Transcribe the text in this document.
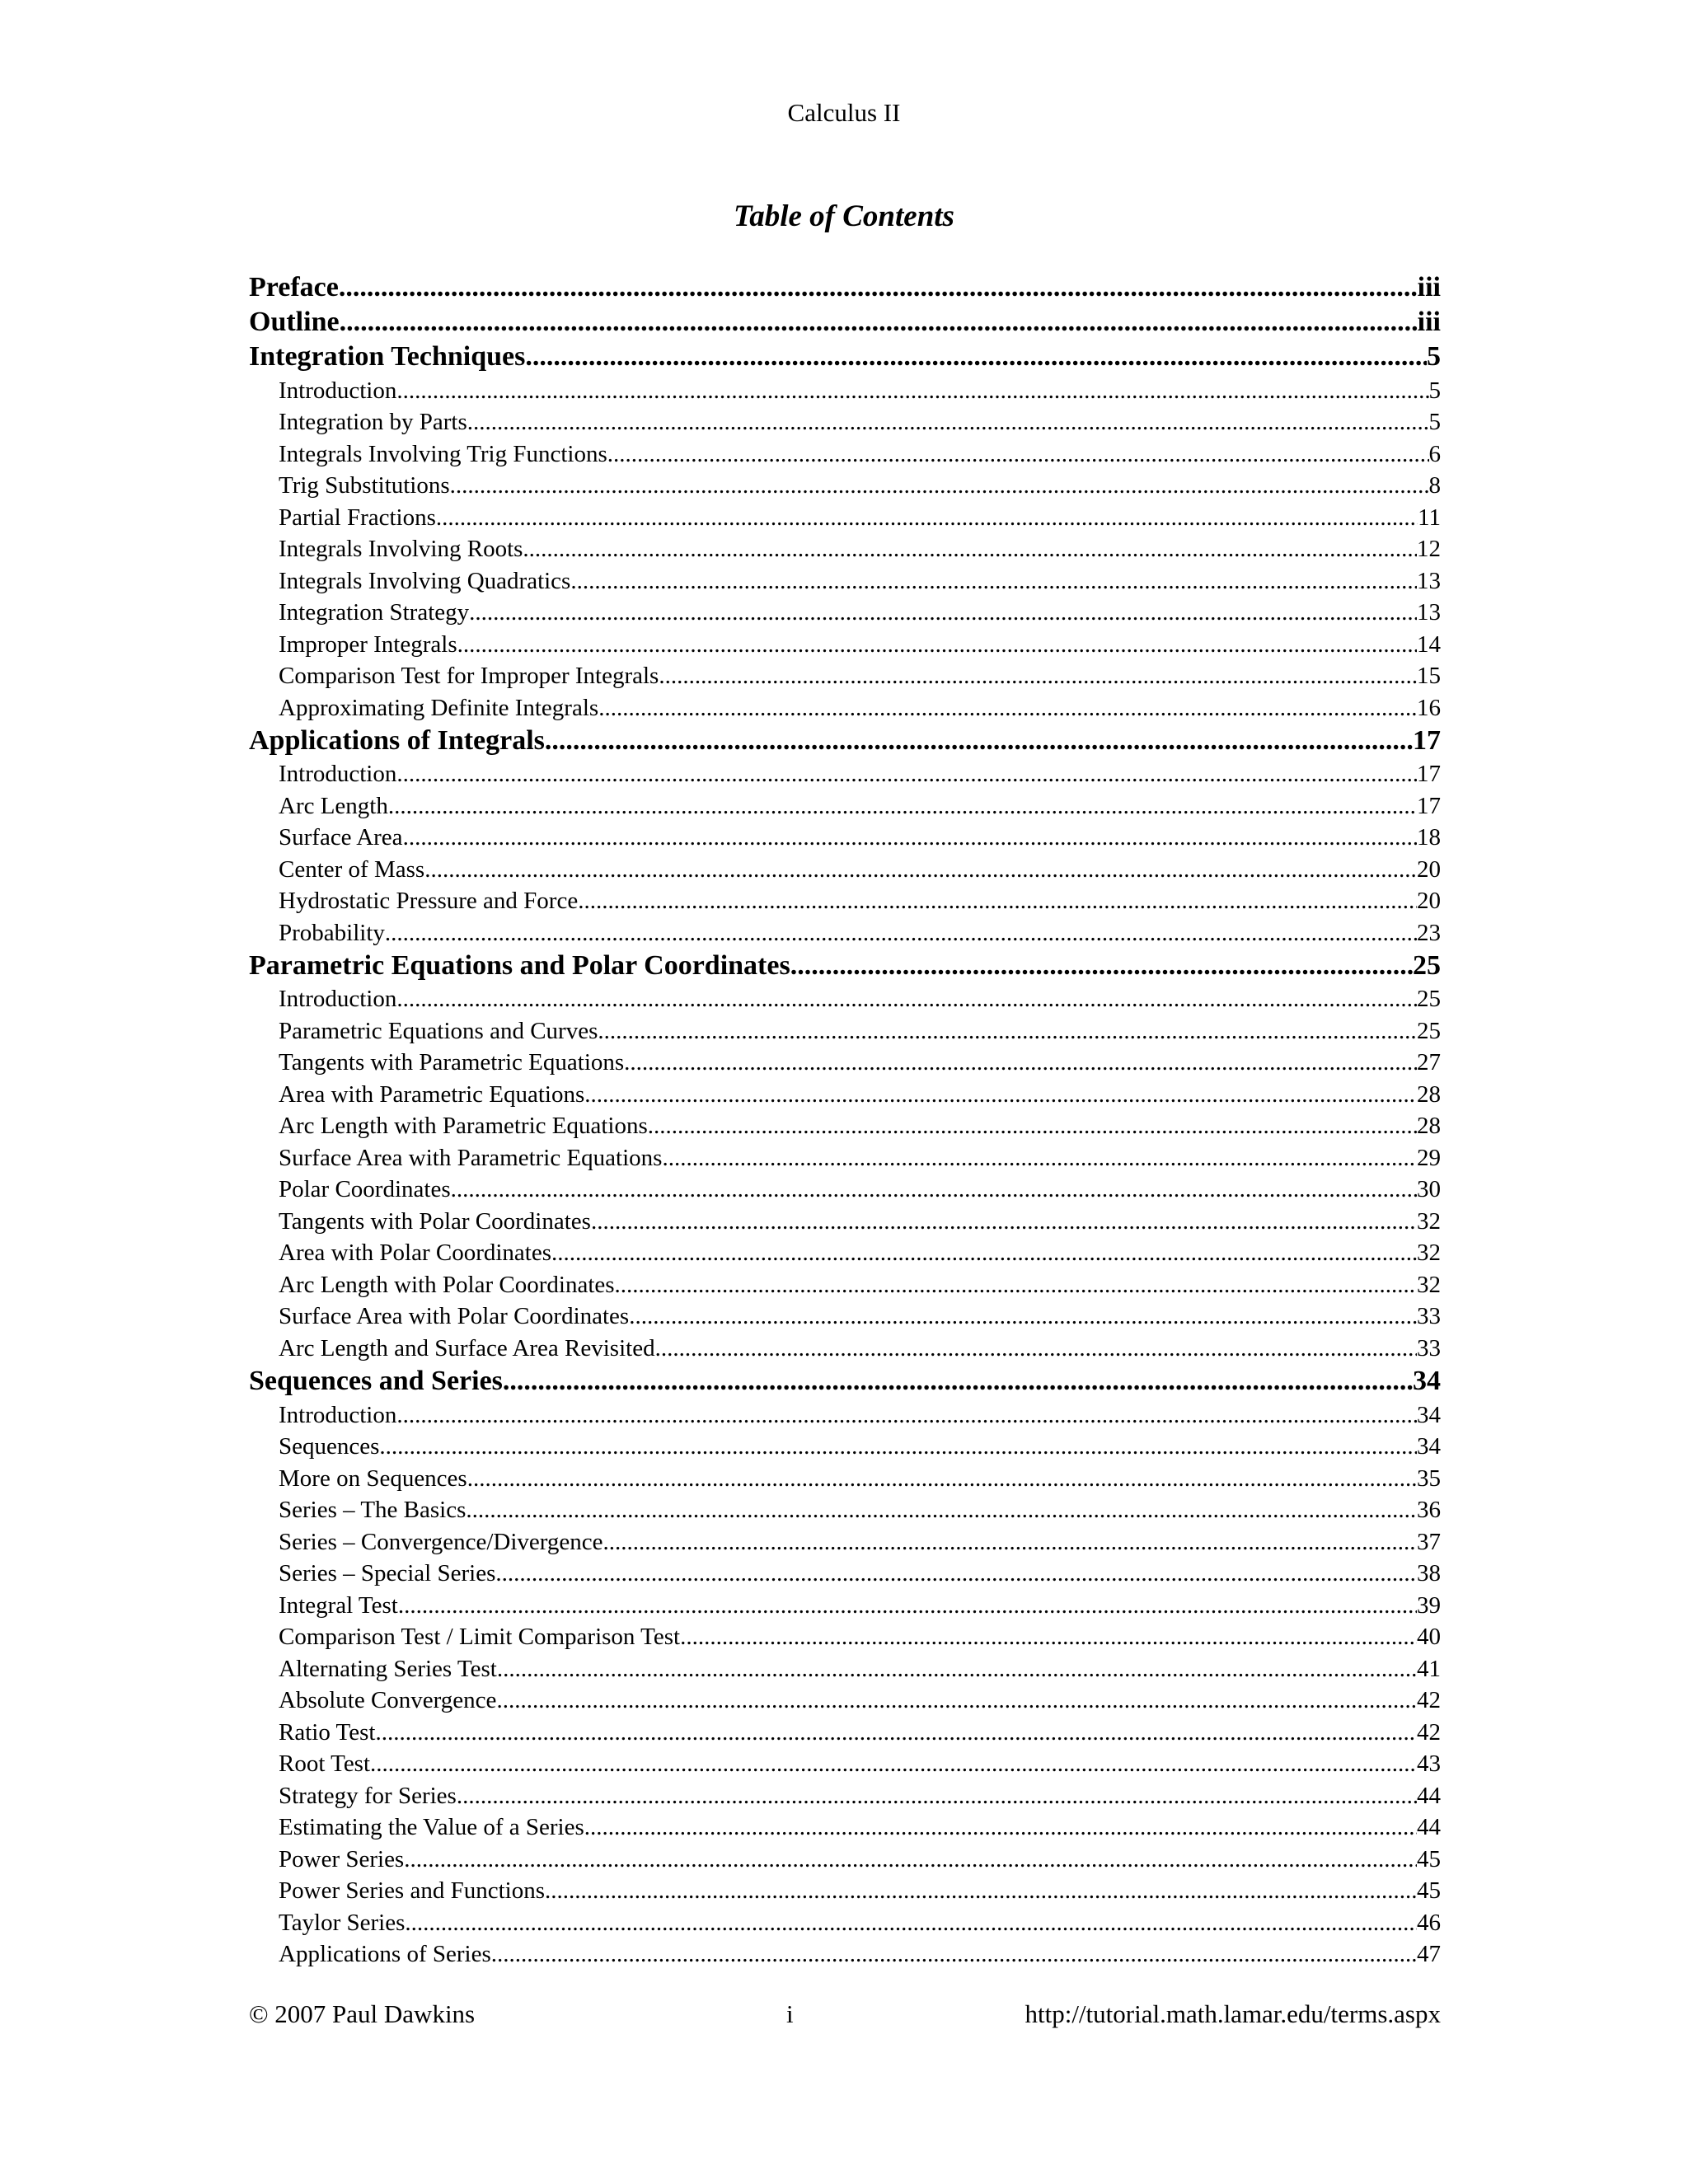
Calculus II
Table of Contents
Preface .....	iii
Outline .....	iii
Integration Techniques .....	5
Introduction .....	5
Integration by Parts .....	5
Integrals Involving Trig Functions .....	6
Trig Substitutions .....	8
Partial Fractions .....	11
Integrals Involving Roots .....	12
Integrals Involving Quadratics .....	13
Integration Strategy .....	13
Improper Integrals .....	14
Comparison Test for Improper Integrals .....	15
Approximating Definite Integrals .....	16
Applications of Integrals .....	17
Introduction .....	17
Arc Length .....	17
Surface Area .....	18
Center of Mass .....	20
Hydrostatic Pressure and Force .....	20
Probability .....	23
Parametric Equations and Polar Coordinates .....	25
Introduction .....	25
Parametric Equations and Curves .....	25
Tangents with Parametric Equations .....	27
Area with Parametric Equations .....	28
Arc Length with Parametric Equations .....	28
Surface Area with Parametric Equations .....	29
Polar Coordinates .....	30
Tangents with Polar Coordinates .....	32
Area with Polar Coordinates .....	32
Arc Length with Polar Coordinates .....	32
Surface Area with Polar Coordinates .....	33
Arc Length and Surface Area Revisited .....	33
Sequences and Series .....	34
Introduction .....	34
Sequences .....	34
More on Sequences .....	35
Series – The Basics .....	36
Series – Convergence/Divergence .....	37
Series – Special Series .....	38
Integral Test .....	39
Comparison Test / Limit Comparison Test .....	40
Alternating Series Test .....	41
Absolute Convergence .....	42
Ratio Test .....	42
Root Test .....	43
Strategy for Series .....	44
Estimating the Value of a Series .....	44
Power Series .....	45
Power Series and Functions .....	45
Taylor Series .....	46
Applications of Series .....	47
© 2007 Paul Dawkins	i	http://tutorial.math.lamar.edu/terms.aspx
